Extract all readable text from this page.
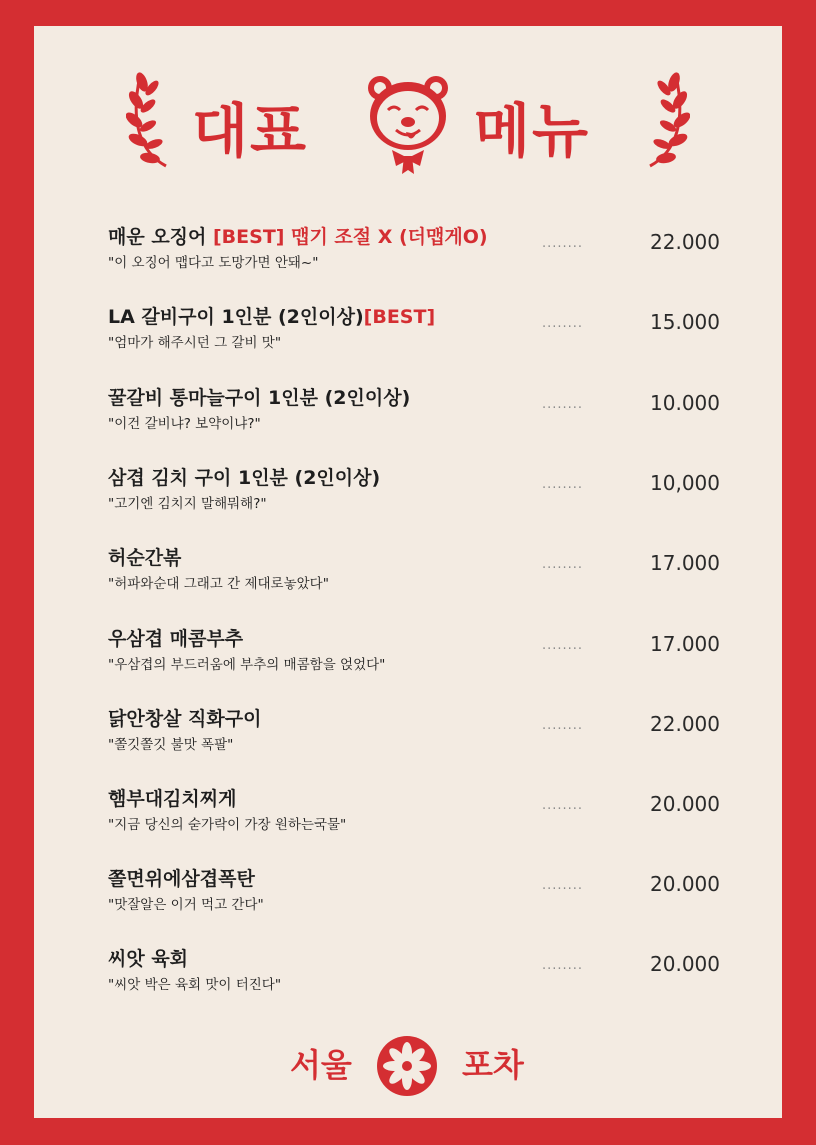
대표	메뉴
매운 오징어 [BEST] 맵기 조절 X (더맵게O)
"이 오징어 맵다고 도망가면 안돼~"
........	22.000
LA 갈비구이 1인분 (2인이상)[BEST]
"엄마가 해주시던 그 갈비 맛"
........	15.000
꿀갈비 통마늘구이 1인분 (2인이상)
"이건 갈비냐? 보약이냐?"
........	10.000
삼겹 김치 구이 1인분 (2인이상)
"고기엔 김치지 말해뭐해?"
........	10,000
허순간볶
"허파와순대 그래고 간 제대로놓았다"
........	17.000
우삼겹 매콤부추
"우삼겹의 부드러움에 부추의 매콤함을 얹었다"
........	17.000
닭안창살 직화구이
"쫄깃쫄깃 불맛 폭팔"
........	22.000
햄부대김치찌게
"지금 당신의 숟가락이 가장 원하는국물"
........	20.000
쫄면위에삼겹폭탄
"맛잘알은 이거 먹고 간다"
........	20.000
씨앗 육회
"씨앗 박은 육회 맛이 터진다"
........	20.000
서울	포차
